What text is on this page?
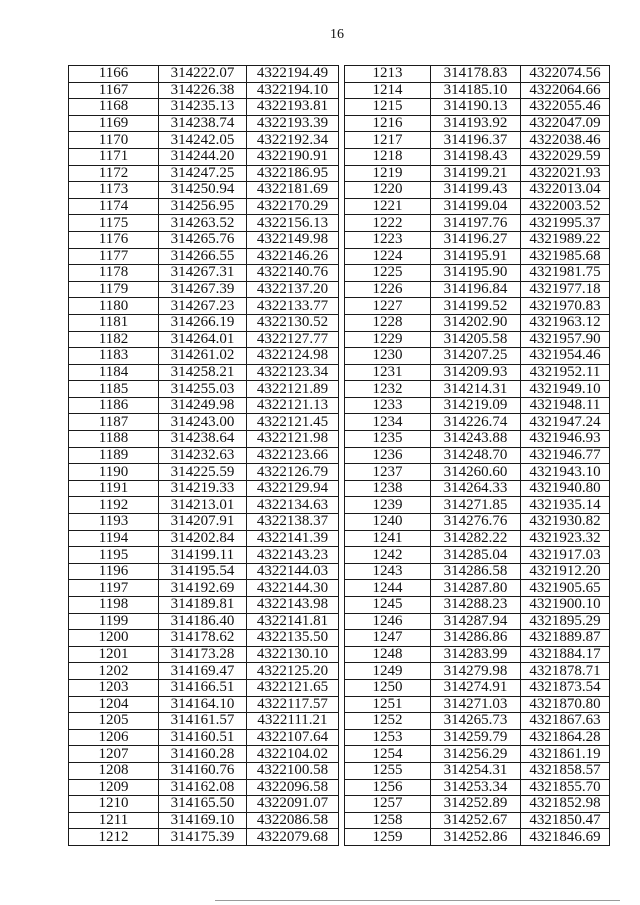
16
1166	314222.07	4322194.49
1167	314226.38	4322194.10
1168	314235.13	4322193.81
1169	314238.74	4322193.39
1170	314242.05	4322192.34
1171	314244.20	4322190.91
1172	314247.25	4322186.95
1173	314250.94	4322181.69
1174	314256.95	4322170.29
1175	314263.52	4322156.13
1176	314265.76	4322149.98
1177	314266.55	4322146.26
1178	314267.31	4322140.76
1179	314267.39	4322137.20
1180	314267.23	4322133.77
1181	314266.19	4322130.52
1182	314264.01	4322127.77
1183	314261.02	4322124.98
1184	314258.21	4322123.34
1185	314255.03	4322121.89
1186	314249.98	4322121.13
1187	314243.00	4322121.45
1188	314238.64	4322121.98
1189	314232.63	4322123.66
1190	314225.59	4322126.79
1191	314219.33	4322129.94
1192	314213.01	4322134.63
1193	314207.91	4322138.37
1194	314202.84	4322141.39
1195	314199.11	4322143.23
1196	314195.54	4322144.03
1197	314192.69	4322144.30
1198	314189.81	4322143.98
1199	314186.40	4322141.81
1200	314178.62	4322135.50
1201	314173.28	4322130.10
1202	314169.47	4322125.20
1203	314166.51	4322121.65
1204	314164.10	4322117.57
1205	314161.57	4322111.21
1206	314160.51	4322107.64
1207	314160.28	4322104.02
1208	314160.76	4322100.58
1209	314162.08	4322096.58
1210	314165.50	4322091.07
1211	314169.10	4322086.58
1212	314175.39	4322079.68
1213	314178.83	4322074.56
1214	314185.10	4322064.66
1215	314190.13	4322055.46
1216	314193.92	4322047.09
1217	314196.37	4322038.46
1218	314198.43	4322029.59
1219	314199.21	4322021.93
1220	314199.43	4322013.04
1221	314199.04	4322003.52
1222	314197.76	4321995.37
1223	314196.27	4321989.22
1224	314195.91	4321985.68
1225	314195.90	4321981.75
1226	314196.84	4321977.18
1227	314199.52	4321970.83
1228	314202.90	4321963.12
1229	314205.58	4321957.90
1230	314207.25	4321954.46
1231	314209.93	4321952.11
1232	314214.31	4321949.10
1233	314219.09	4321948.11
1234	314226.74	4321947.24
1235	314243.88	4321946.93
1236	314248.70	4321946.77
1237	314260.60	4321943.10
1238	314264.33	4321940.80
1239	314271.85	4321935.14
1240	314276.76	4321930.82
1241	314282.22	4321923.32
1242	314285.04	4321917.03
1243	314286.58	4321912.20
1244	314287.80	4321905.65
1245	314288.23	4321900.10
1246	314287.94	4321895.29
1247	314286.86	4321889.87
1248	314283.99	4321884.17
1249	314279.98	4321878.71
1250	314274.91	4321873.54
1251	314271.03	4321870.80
1252	314265.73	4321867.63
1253	314259.79	4321864.28
1254	314256.29	4321861.19
1255	314254.31	4321858.57
1256	314253.34	4321855.70
1257	314252.89	4321852.98
1258	314252.67	4321850.47
1259	314252.86	4321846.69
